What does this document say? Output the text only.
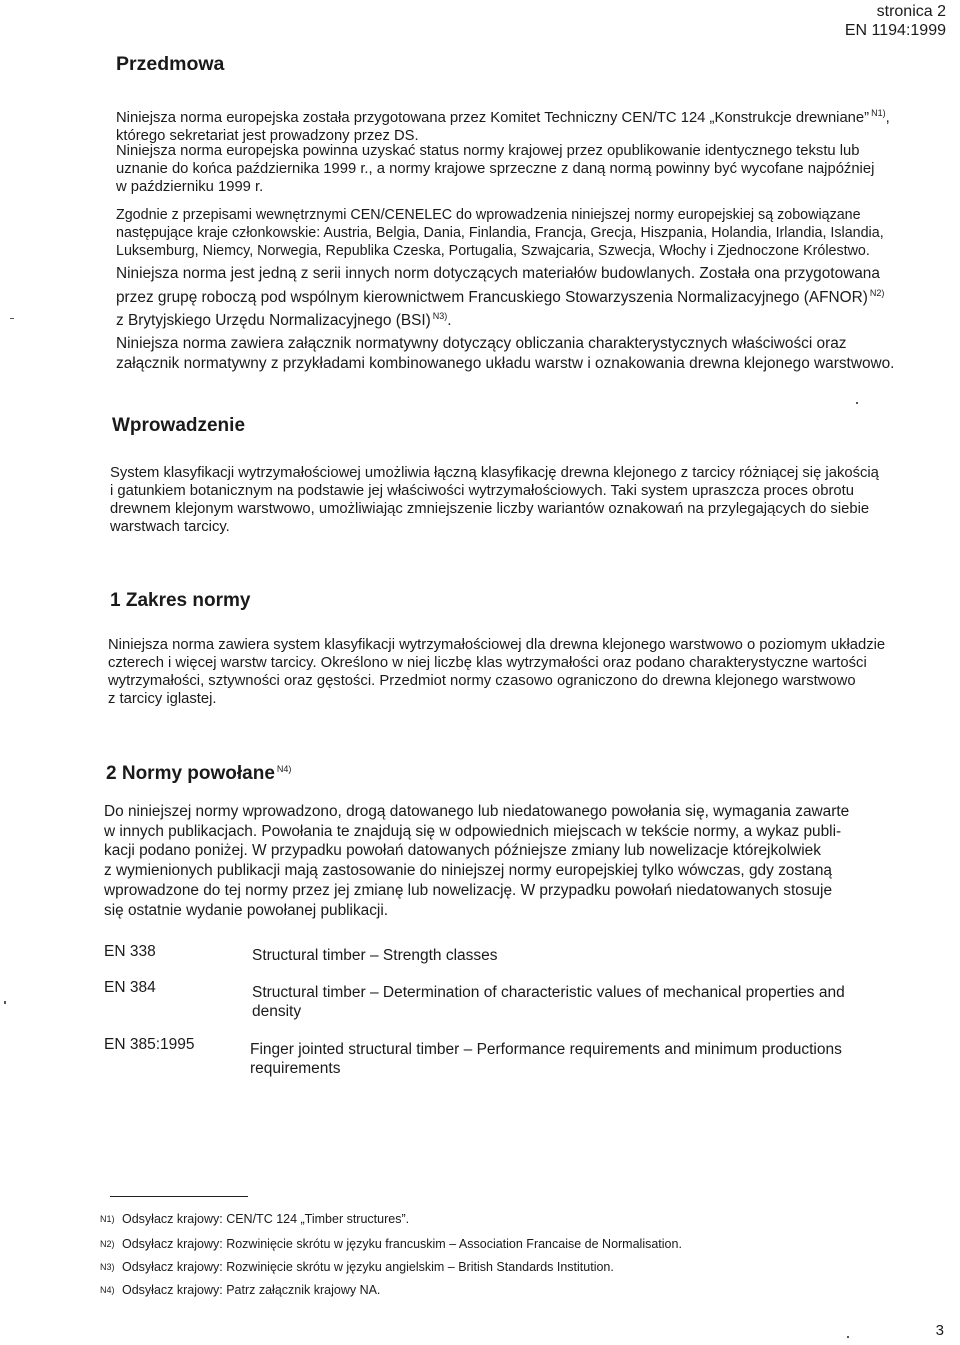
stronica 2
EN 1194:1999
Przedmowa
Niniejsza norma europejska została przygotowana przez Komitet Techniczny CEN/TC 124 „Konstrukcje drewniane” $^{N1)}$,
którego sekretariat jest prowadzony przez DS.
Niniejsza norma europejska powinna uzyskać status normy krajowej przez opublikowanie identycznego tekstu lub
uznanie do końca października 1999 r., a normy krajowe sprzeczne z daną normą powinny być wycofane najpóźniej
w październiku 1999 r.
Zgodnie z przepisami wewnętrznymi CEN/CENELEC do wprowadzenia niniejszej normy europejskiej są zobowiązane
następujące kraje członkowskie: Austria, Belgia, Dania, Finlandia, Francja, Grecja, Hiszpania, Holandia, Irlandia, Islandia,
Luksemburg, Niemcy, Norwegia, Republika Czeska, Portugalia, Szwajcaria, Szwecja, Włochy i Zjednoczone Królestwo.
Niniejsza norma jest jedną z serii innych norm dotyczących materiałów budowlanych. Została ona przygotowana
przez grupę roboczą pod wspólnym kierownictwem Francuskiego Stowarzyszenia Normalizacyjnego (AFNOR) $^{N2)}$
z Brytyjskiego Urzędu Normalizacyjnego (BSI) $^{N3)}$.
Niniejsza norma zawiera załącznik normatywny dotyczący obliczania charakterystycznych właściwości oraz
załącznik normatywny z przykładami kombinowanego układu warstw i oznakowania drewna klejonego warstwowo.
Wprowadzenie
System klasyfikacji wytrzymałościowej umożliwia łączną klasyfikację drewna klejonego z tarcicy różniącej się jakością
i gatunkiem botanicznym na podstawie jej właściwości wytrzymałościowych. Taki system upraszcza proces obrotu
drewnem klejonym warstwowo, umożliwiając zmniejszenie liczby wariantów oznakowań na przylegających do siebie
warstwach tarcicy.
1 Zakres normy
Niniejsza norma zawiera system klasyfikacji wytrzymałościowej dla drewna klejonego warstwowo o poziomym układzie
czterech i więcej warstw tarcicy. Określono w niej liczbę klas wytrzymałości oraz podano charakterystyczne wartości
wytrzymałości, sztywności oraz gęstości. Przedmiot normy czasowo ograniczono do drewna klejonego warstwowo
z tarcicy iglastej.
2 Normy powołane $^{N4)}$
Do niniejszej normy wprowadzono, drogą datowanego lub niedatowanego powołania się, wymagania zawarte
w innych publikacjach. Powołania te znajdują się w odpowiednich miejscach w tekście normy, a wykaz publi-
kacji podano poniżej. W przypadku powołań datowanych późniejsze zmiany lub nowelizacje którejkolwiek
z wymienionych publikacji mają zastosowanie do niniejszej normy europejskiej tylko wówczas, gdy zostaną
wprowadzone do tej normy przez jej zmianę lub nowelizację. W przypadku powołań niedatowanych stosuje
się ostatnie wydanie powołanej publikacji.
EN 338	Structural timber – Strength classes
EN 384	Structural timber – Determination of characteristic values of mechanical properties and
density
EN 385:1995	Finger jointed structural timber – Performance requirements and minimum productions
requirements
N1) Odsyłacz krajowy: CEN/TC 124 „Timber structures”.
N2) Odsyłacz krajowy: Rozwinięcie skrótu w języku francuskim – Association Francaise de Normalisation.
N3) Odsyłacz krajowy: Rozwinięcie skrótu w języku angielskim – British Standards Institution.
N4) Odsyłacz krajowy: Patrz załącznik krajowy NA.
3
